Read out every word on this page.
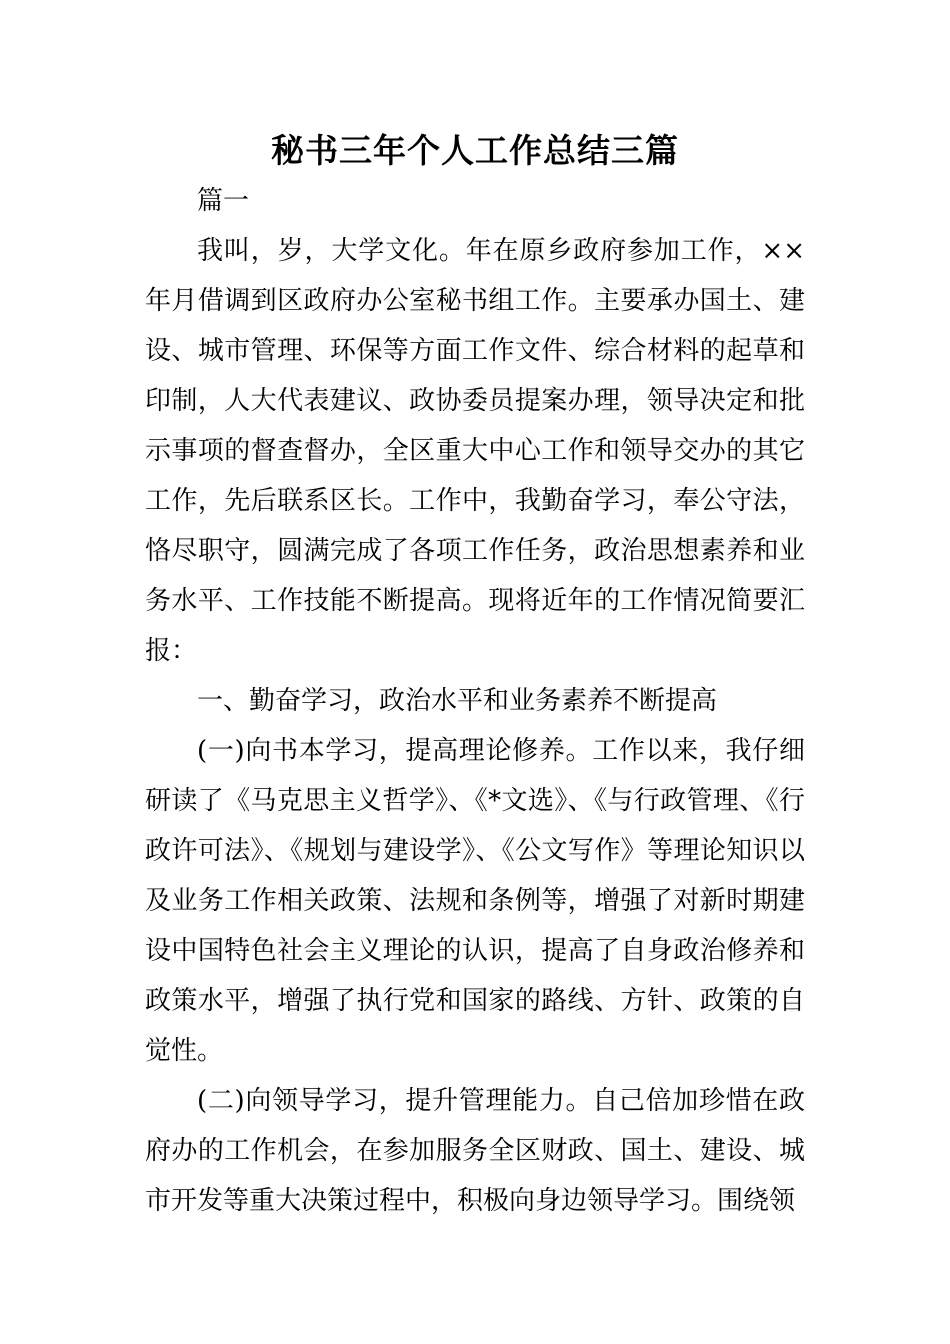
秘书三年个人工作总结三篇

篇一

我叫，岁，大学文化。年在原乡政府参加工作，××年月借调到区政府办公室秘书组工作。主要承办国土、建设、城市管理、环保等方面工作文件、综合材料的起草和印制，人大代表建议、政协委员提案办理，领导决定和批示事项的督查督办，全区重大中心工作和领导交办的其它工作，先后联系区长。工作中，我勤奋学习，奉公守法，恪尽职守，圆满完成了各项工作任务，政治思想素养和业务水平、工作技能不断提高。现将近年的工作情况简要汇报：

一、勤奋学习，政治水平和业务素养不断提高

(一)向书本学习，提高理论修养。工作以来，我仔细研读了《马克思主义哲学》、《*文选》、《与行政管理、《行政许可法》、《规划与建设学》、《公文写作》等理论知识以及业务工作相关政策、法规和条例等，增强了对新时期建设中国特色社会主义理论的认识，提高了自身政治修养和政策水平，增强了执行党和国家的路线、方针、政策的自觉性。

(二)向领导学习，提升管理能力。自己倍加珍惜在政府办的工作机会，在参加服务全区财政、国土、建设、城市开发等重大决策过程中，积极向身边领导学习。围绕领
